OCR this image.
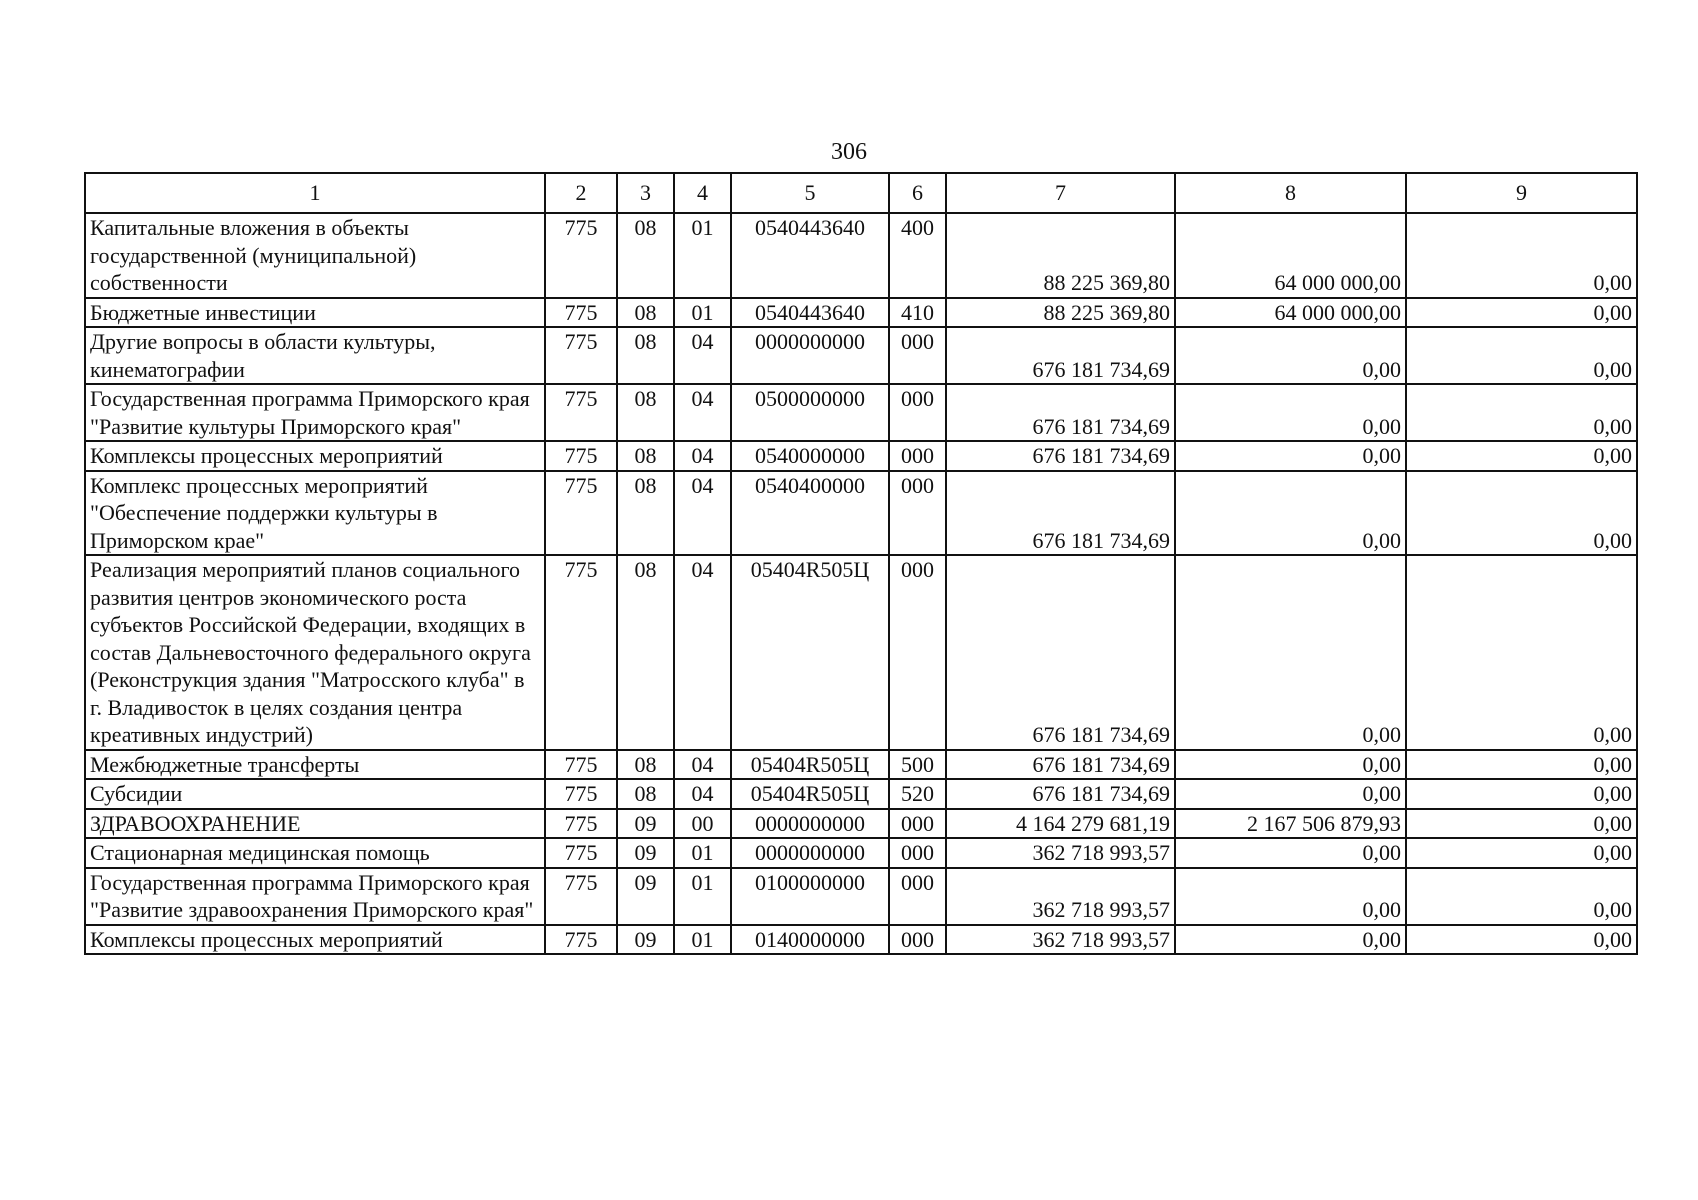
306
1	2	3	4	5	6	7	8	9
Капитальные вложения в объекты государственной (муниципальной) собственности	775	08	01	0540443640	400	88 225 369,80	64 000 000,00	0,00
Бюджетные инвестиции	775	08	01	0540443640	410	88 225 369,80	64 000 000,00	0,00
Другие вопросы в области культуры, кинематографии	775	08	04	0000000000	000	676 181 734,69	0,00	0,00
Государственная программа Приморского края "Развитие культуры Приморского края"	775	08	04	0500000000	000	676 181 734,69	0,00	0,00
Комплексы процессных мероприятий	775	08	04	0540000000	000	676 181 734,69	0,00	0,00
Комплекс процессных мероприятий "Обеспечение поддержки культуры в Приморском крае"	775	08	04	0540400000	000	676 181 734,69	0,00	0,00
Реализация мероприятий планов социального развития центров экономического роста субъектов Российской Федерации, входящих в состав Дальневосточного федерального округа (Реконструкция здания "Матросского клуба" в г. Владивосток в целях создания центра креативных индустрий)	775	08	04	05404R505Ц	000	676 181 734,69	0,00	0,00
Межбюджетные трансферты	775	08	04	05404R505Ц	500	676 181 734,69	0,00	0,00
Субсидии	775	08	04	05404R505Ц	520	676 181 734,69	0,00	0,00
ЗДРАВООХРАНЕНИЕ	775	09	00	0000000000	000	4 164 279 681,19	2 167 506 879,93	0,00
Стационарная медицинская помощь	775	09	01	0000000000	000	362 718 993,57	0,00	0,00
Государственная программа Приморского края "Развитие здравоохранения Приморского края"	775	09	01	0100000000	000	362 718 993,57	0,00	0,00
Комплексы процессных мероприятий	775	09	01	0140000000	000	362 718 993,57	0,00	0,00
